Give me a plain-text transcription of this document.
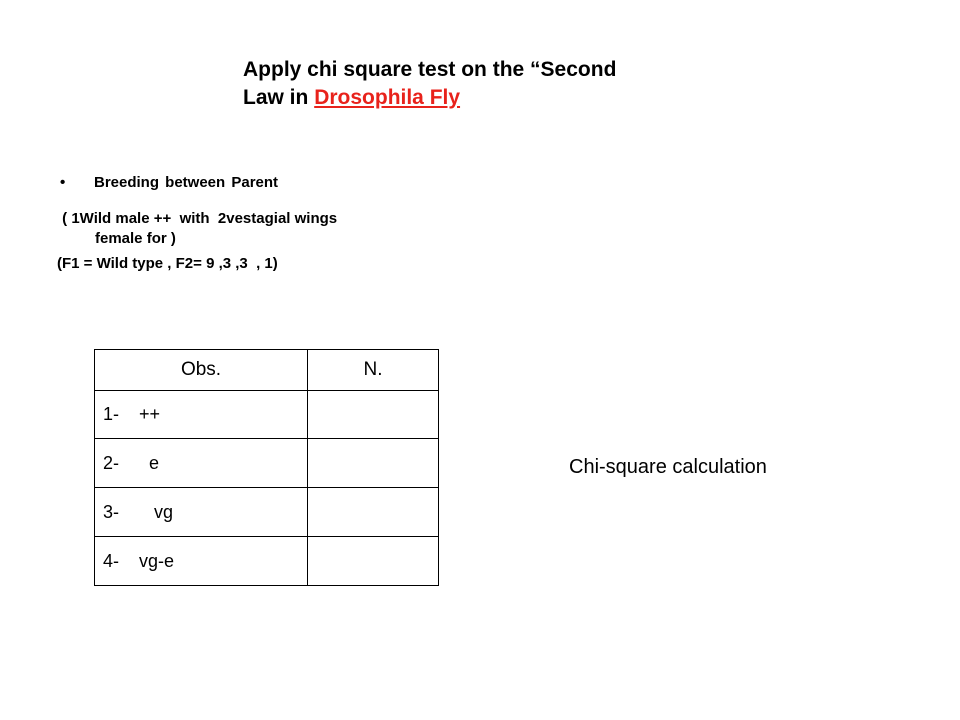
Apply chi square test on the “Second
Law in Drosophila Fly
• Breeding between Parent
( 1Wild male ++  with  2vestagial wings
female for )
(F1 = Wild type , F2= 9 ,3 ,3  , 1)
Obs.	N.
1-    ++	
2-      e	
3-       vg	
4-    vg-e	
Chi-square calculation
